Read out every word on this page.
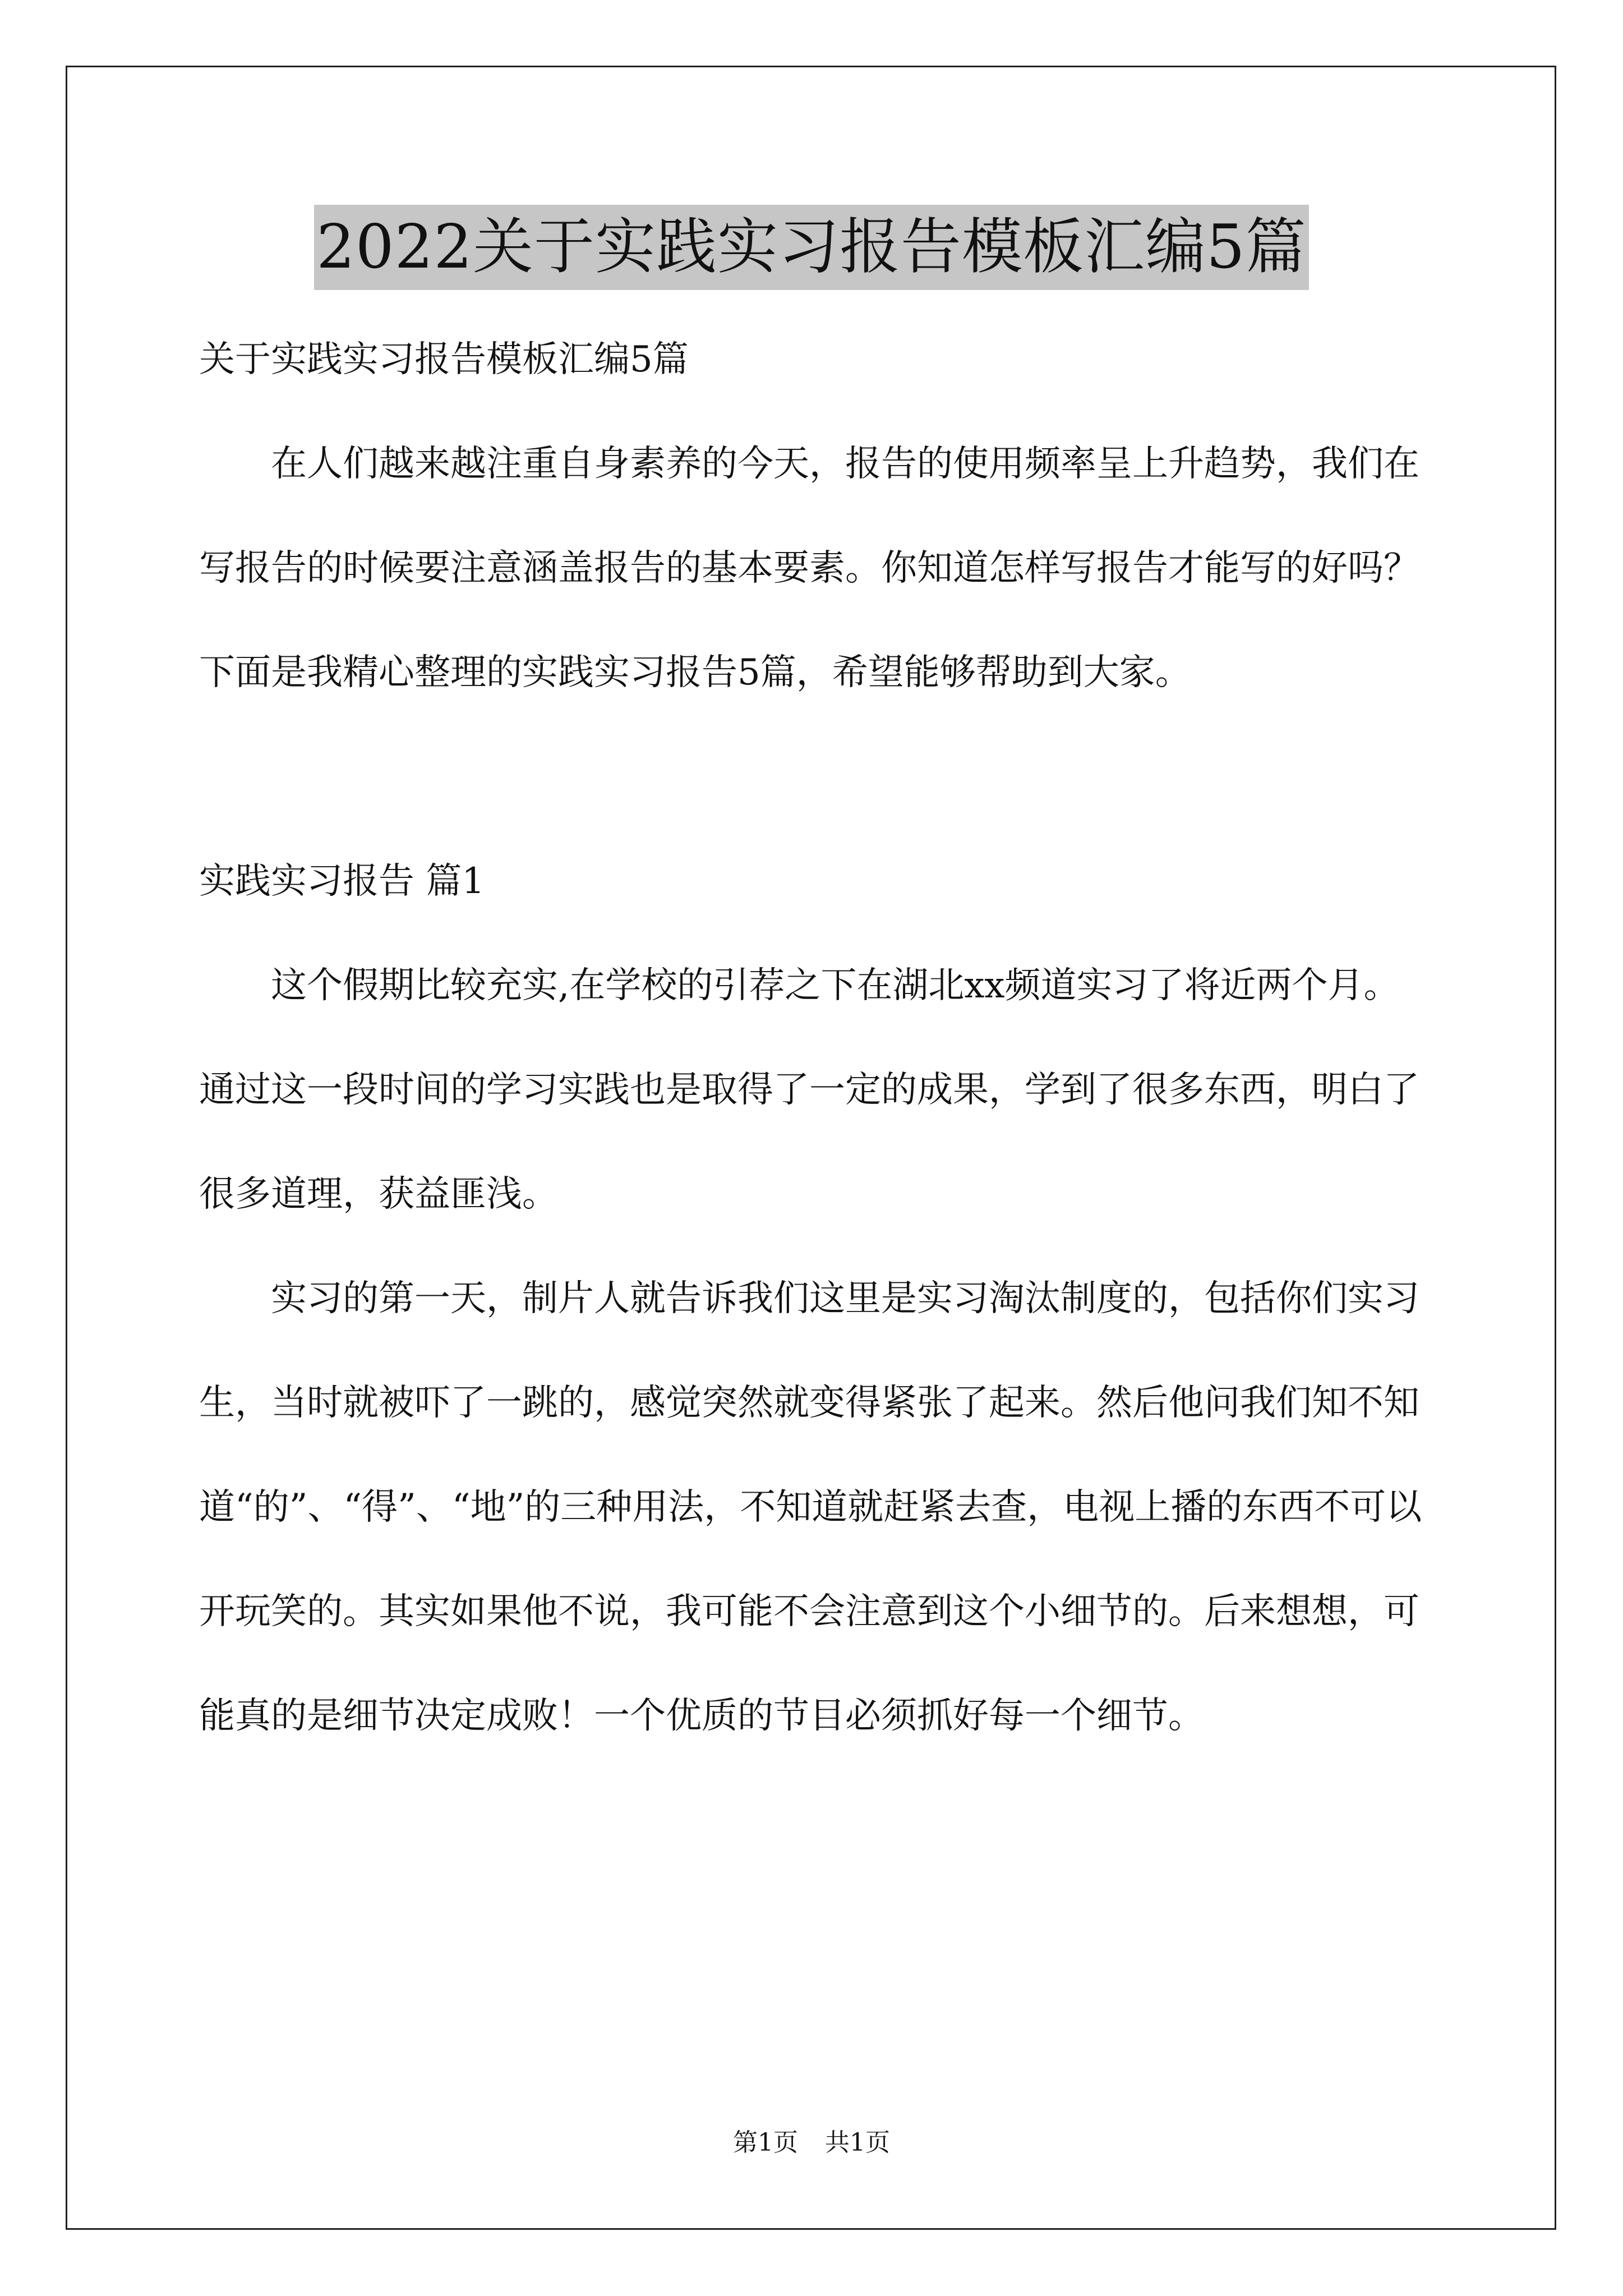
2022关于实践实习报告模板汇编5篇

关于实践实习报告模板汇编5篇

在人们越来越注重自身素养的今天，报告的使用频率呈上升趋势，我们在写报告的时候要注意涵盖报告的基本要素。你知道怎样写报告才能写的好吗？下面是我精心整理的实践实习报告5篇，希望能够帮助到大家。

实践实习报告 篇1

这个假期比较充实,在学校的引荐之下在湖北xx频道实习了将近两个月。通过这一段时间的学习实践也是取得了一定的成果，学到了很多东西，明白了很多道理，获益匪浅。

实习的第一天，制片人就告诉我们这里是实习淘汰制度的，包括你们实习生，当时就被吓了一跳的，感觉突然就变得紧张了起来。然后他问我们知不知道“的”、“得”、“地”的三种用法，不知道就赶紧去查，电视上播的东西不可以开玩笑的。其实如果他不说，我可能不会注意到这个小细节的。后来想想，可能真的是细节决定成败！一个优质的节目必须抓好每一个细节。

第1页 共1页
